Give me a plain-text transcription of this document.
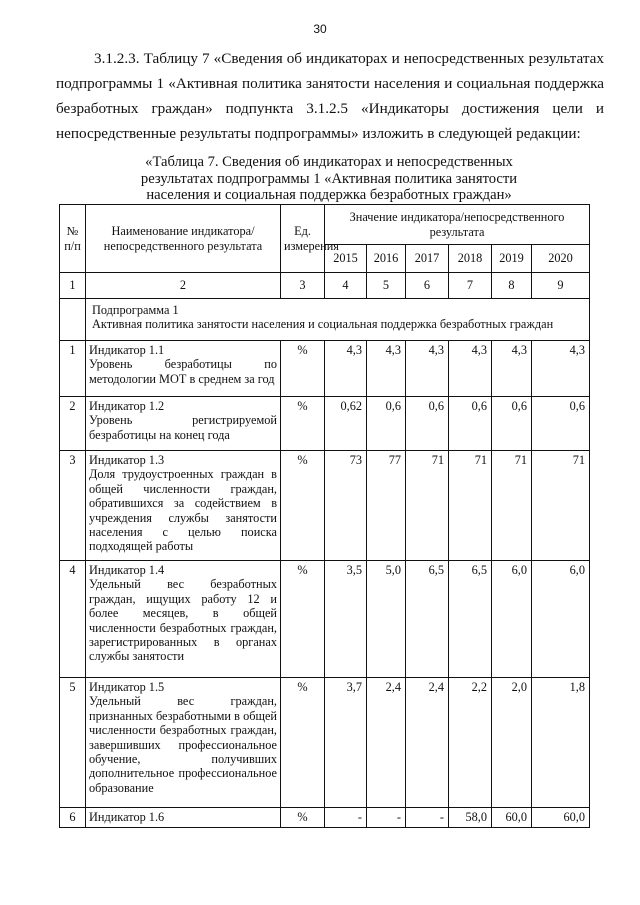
30

3.1.2.3. Таблицу 7 «Сведения об индикаторах и непосредственных результатах подпрограммы 1 «Активная политика занятости населения и социальная поддержка безработных граждан» подпункта 3.1.2.5 «Индикаторы достижения цели и непосредственные результаты подпрограммы» изложить в следующей редакции:

«Таблица 7. Сведения об индикаторах и непосредственных результатах подпрограммы 1 «Активная политика занятости населения и социальная поддержка безработных граждан»

№ п/п	Наименование индикатора/непосредственного результата	Ед. измерения	Значение индикатора/непосредственного результата					
			2015	2016	2017	2018	2019	2020
1	2	3	4	5	6	7	8	9

	Подпрограмма 1
Активная политика занятости населения и социальная поддержка безработных граждан							

1	Индикатор 1.1
Уровень безработицы по методологии МОТ в среднем за год	%	4,3	4,3	4,3	4,3	4,3	4,3
2	Индикатор 1.2
Уровень регистрируемой безработицы на конец года	%	0,62	0,6	0,6	0,6	0,6	0,6
3	Индикатор 1.3
Доля трудоустроенных граждан в общей численности граждан, обратившихся за содействием в учреждения службы занятости населения с целью поиска подходящей работы	%	73	77	71	71	71	71
4	Индикатор 1.4
Удельный вес безработных граждан, ищущих работу 12 и более месяцев, в общей численности безработных граждан, зарегистрированных в органах службы занятости	%	3,5	5,0	6,5	6,5	6,0	6,0
5	Индикатор 1.5
Удельный вес граждан, признанных безработными в общей численности безработных граждан, завершивших профессиональное обучение, получивших дополнительное профессиональное образование	%	3,7	2,4	2,4	2,2	2,0	1,8
6	Индикатор 1.6	%	-	-	-	58,0	60,0	60,0
